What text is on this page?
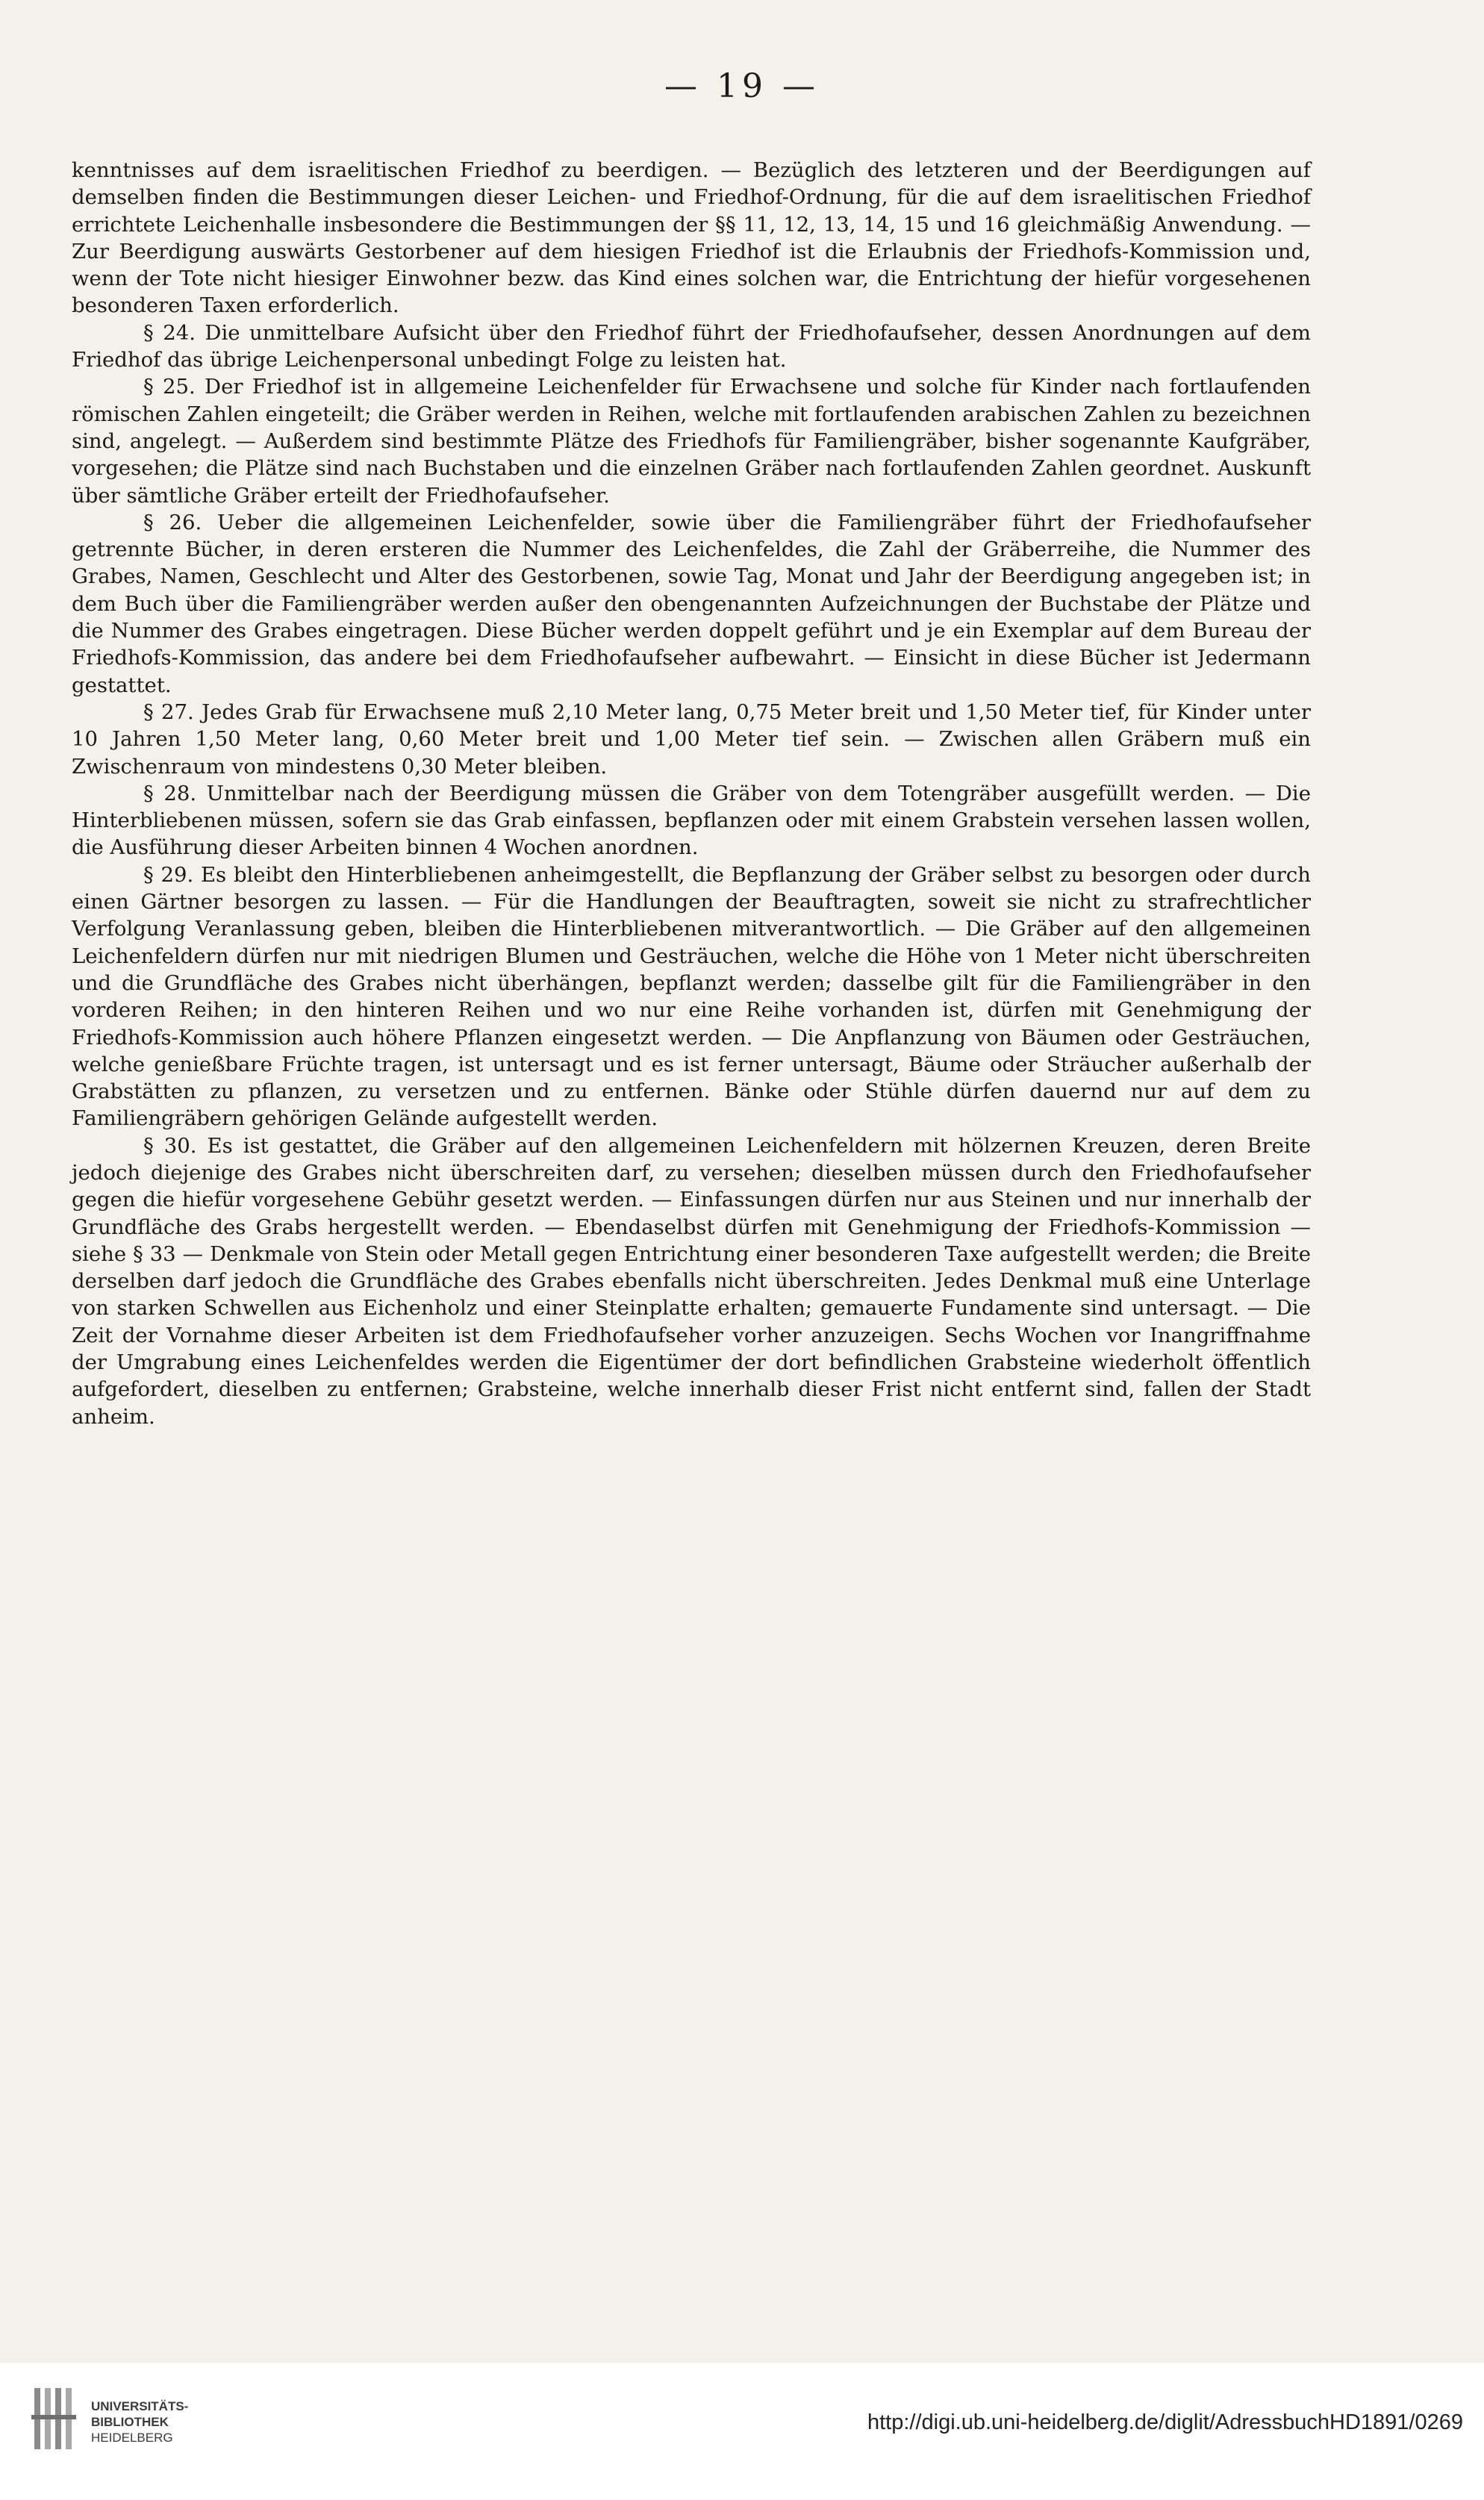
— 19 —

kenntnisses auf dem israelitischen Friedhof zu beerdigen. — Bezüglich des letzteren und der Beerdigungen auf demselben finden die Bestimmungen dieser Leichen- und Friedhof-Ordnung, für die auf dem israelitischen Friedhof errichtete Leichenhalle insbesondere die Bestimmungen der §§ 11, 12, 13, 14, 15 und 16 gleichmäßig Anwendung. — Zur Beerdigung auswärts Gestorbener auf dem hiesigen Friedhof ist die Erlaubnis der Friedhofs-Kommission und, wenn der Tote nicht hiesiger Einwohner bezw. das Kind eines solchen war, die Entrichtung der hiefür vorgesehenen besonderen Taxen erforderlich.

§ 24. Die unmittelbare Aufsicht über den Friedhof führt der Friedhofaufseher, dessen Anordnungen auf dem Friedhof das übrige Leichenpersonal unbedingt Folge zu leisten hat.

§ 25. Der Friedhof ist in allgemeine Leichenfelder für Erwachsene und solche für Kinder nach fortlaufenden römischen Zahlen eingeteilt; die Gräber werden in Reihen, welche mit fortlaufenden arabischen Zahlen zu bezeichnen sind, angelegt. — Außerdem sind bestimmte Plätze des Friedhofs für Familiengräber, bisher sogenannte Kaufgräber, vorgesehen; die Plätze sind nach Buchstaben und die einzelnen Gräber nach fortlaufenden Zahlen geordnet. Auskunft über sämtliche Gräber erteilt der Friedhofaufseher.

§ 26. Ueber die allgemeinen Leichenfelder, sowie über die Familiengräber führt der Friedhofaufseher getrennte Bücher, in deren ersteren die Nummer des Leichenfeldes, die Zahl der Gräberreihe, die Nummer des Grabes, Namen, Geschlecht und Alter des Gestorbenen, sowie Tag, Monat und Jahr der Beerdigung angegeben ist; in dem Buch über die Familiengräber werden außer den obengenannten Aufzeichnungen der Buchstabe der Plätze und die Nummer des Grabes eingetragen. Diese Bücher werden doppelt geführt und je ein Exemplar auf dem Bureau der Friedhofs-Kommission, das andere bei dem Friedhofaufseher aufbewahrt. — Einsicht in diese Bücher ist Jedermann gestattet.

§ 27. Jedes Grab für Erwachsene muß 2,10 Meter lang, 0,75 Meter breit und 1,50 Meter tief, für Kinder unter 10 Jahren 1,50 Meter lang, 0,60 Meter breit und 1,00 Meter tief sein. — Zwischen allen Gräbern muß ein Zwischenraum von mindestens 0,30 Meter bleiben.

§ 28. Unmittelbar nach der Beerdigung müssen die Gräber von dem Totengräber ausgefüllt werden. — Die Hinterbliebenen müssen, sofern sie das Grab einfassen, bepflanzen oder mit einem Grabstein versehen lassen wollen, die Ausführung dieser Arbeiten binnen 4 Wochen anordnen.

§ 29. Es bleibt den Hinterbliebenen anheimgestellt, die Bepflanzung der Gräber selbst zu besorgen oder durch einen Gärtner besorgen zu lassen. — Für die Handlungen der Beauftragten, soweit sie nicht zu strafrechtlicher Verfolgung Veranlassung geben, bleiben die Hinterbliebenen mitverantwortlich. — Die Gräber auf den allgemeinen Leichenfeldern dürfen nur mit niedrigen Blumen und Gesträuchen, welche die Höhe von 1 Meter nicht überschreiten und die Grundfläche des Grabes nicht überhängen, bepflanzt werden; dasselbe gilt für die Familiengräber in den vorderen Reihen; in den hinteren Reihen und wo nur eine Reihe vorhanden ist, dürfen mit Genehmigung der Friedhofs-Kommission auch höhere Pflanzen eingesetzt werden. — Die Anpflanzung von Bäumen oder Gesträuchen, welche genießbare Früchte tragen, ist untersagt und es ist ferner untersagt, Bäume oder Sträucher außerhalb der Grabstätten zu pflanzen, zu versetzen und zu entfernen. Bänke oder Stühle dürfen dauernd nur auf dem zu Familiengräbern gehörigen Gelände aufgestellt werden.

§ 30. Es ist gestattet, die Gräber auf den allgemeinen Leichenfeldern mit hölzernen Kreuzen, deren Breite jedoch diejenige des Grabes nicht überschreiten darf, zu versehen; dieselben müssen durch den Friedhofaufseher gegen die hiefür vorgesehene Gebühr gesetzt werden. — Einfassungen dürfen nur aus Steinen und nur innerhalb der Grundfläche des Grabs hergestellt werden. — Ebendaselbst dürfen mit Genehmigung der Friedhofs-Kommission — siehe § 33 — Denkmale von Stein oder Metall gegen Entrichtung einer besonderen Taxe aufgestellt werden; die Breite derselben darf jedoch die Grundfläche des Grabes ebenfalls nicht überschreiten. Jedes Denkmal muß eine Unterlage von starken Schwellen aus Eichenholz und einer Steinplatte erhalten; gemauerte Fundamente sind untersagt. — Die Zeit der Vornahme dieser Arbeiten ist dem Friedhofaufseher vorher anzuzeigen. Sechs Wochen vor Inangriffnahme der Umgrabung eines Leichenfeldes werden die Eigentümer der dort befindlichen Grabsteine wiederholt öffentlich aufgefordert, dieselben zu entfernen; Grabsteine, welche innerhalb dieser Frist nicht entfernt sind, fallen der Stadt anheim.

UNIVERSITÄTS-
BIBLIOTHEK
HEIDELBERG
http://digi.ub.uni-heidelberg.de/diglit/AdressbuchHD1891/0269
